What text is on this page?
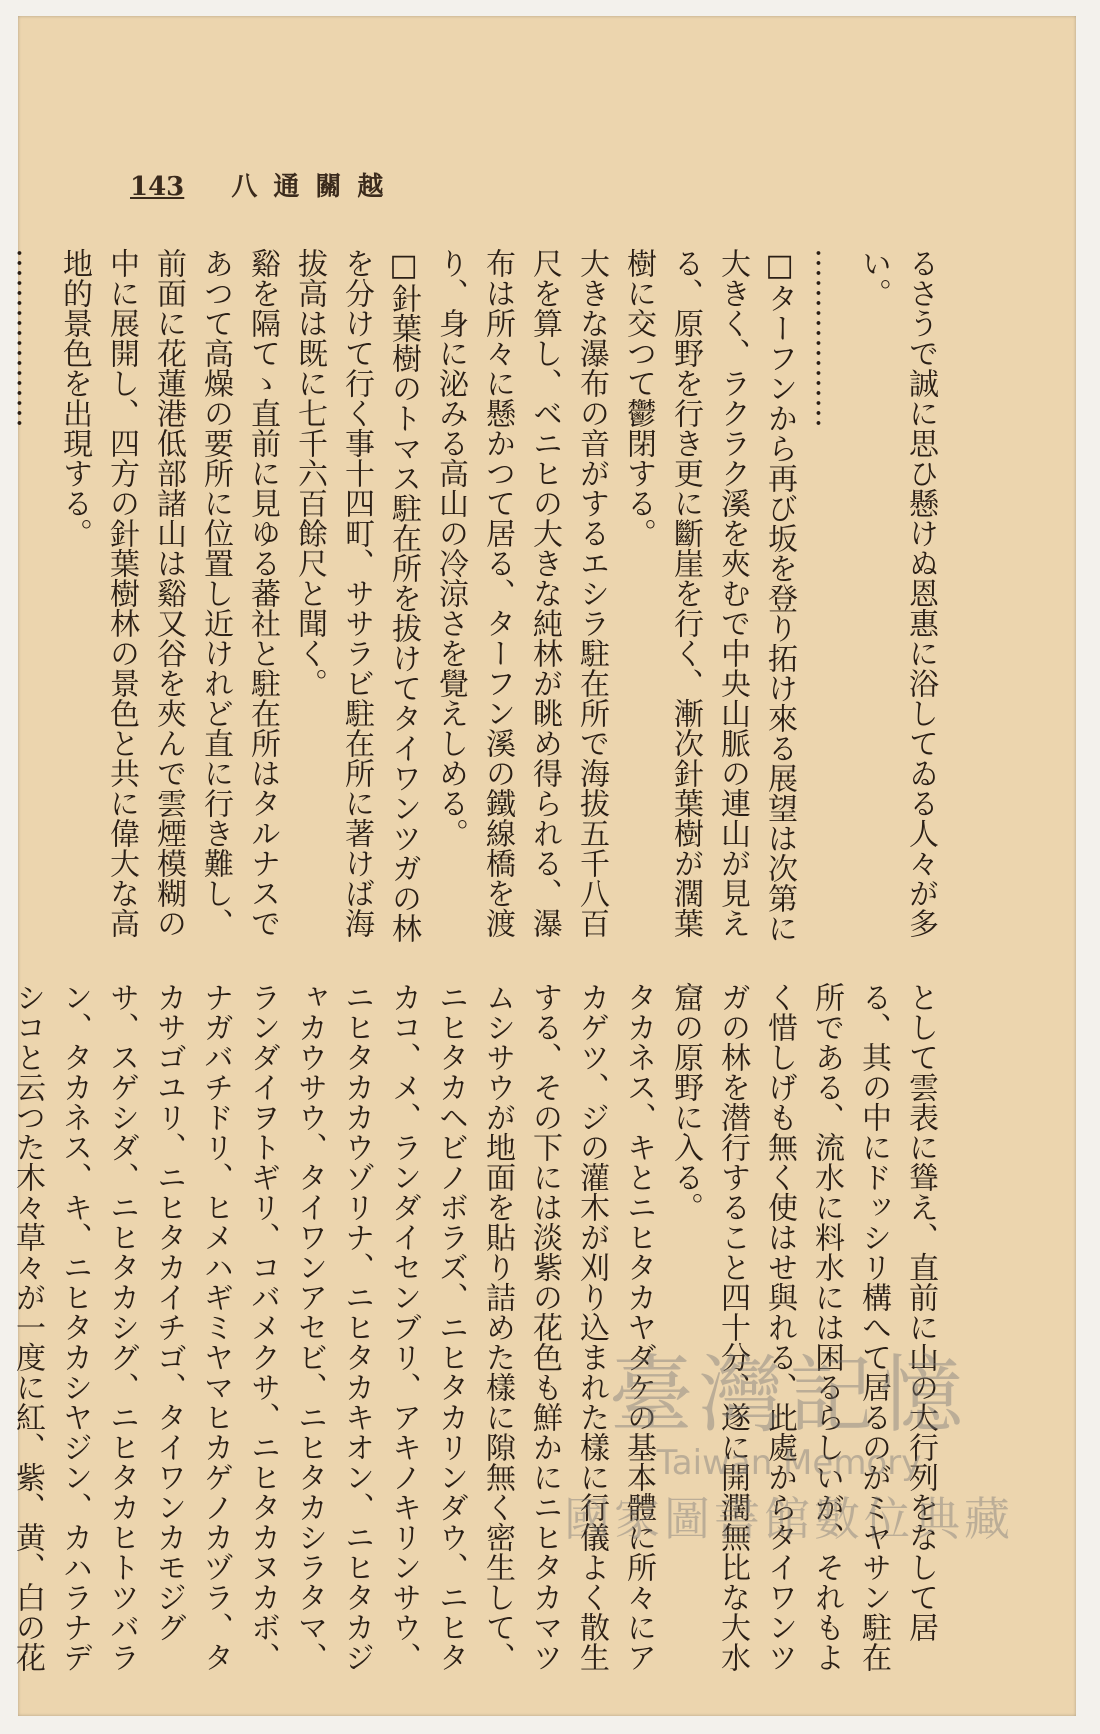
143 八通關越

るさうで誠に思ひ懸けぬ恩惠に浴してゐる人々が多い。

………………

□ターフンから再び坂を登り拓け來る展望は次第に大きく、ラクラク溪を夾むで中央山脈の連山が見える、原野を行き更に斷崖を行く、漸次針葉樹が濶葉樹に交つて鬱閉する。

大きな瀑布の音がするエシラ駐在所で海拔五千八百尺を算し、ベニヒの大きな純林が眺め得られる、瀑布は所々に懸かつて居る、ターフン溪の鐵線橋を渡り、身に泌みる高山の冷涼さを覺えしめる。

□針葉樹のトマス駐在所を拔けてタイワンツガの林を分けて行く事十四町、ササラビ駐在所に著けば海拔高は既に七千六百餘尺と聞く。

谿を隔てゝ直前に見ゆる蕃社と駐在所はタルナスであつて高燥の要所に位置し近けれど直に行き難し、前面に花蓮港低部諸山は谿又谷を夾んで雲煙模糊の中に展開し、四方の針葉樹林の景色と共に偉大な高地的景色を出現する。

………………

として雲表に聳え、直前に山の大行列をなして居る、其の中にドッシリ構へて居るのがミヤサン駐在所である、流水に料水には困るらしいが、それもよく惜しげも無く使はせ與れる、此處からタイワンツガの林を潜行すること四十分、遂に開濶無比な大水窟の原野に入る。

タカネス、キとニヒタカヤダケの基本體に所々にアカゲツ、ジの灌木が刈り込まれた樣に行儀よく散生する、その下には淡紫の花色も鮮かにニヒタカマツムシサウが地面を貼り詰めた樣に隙無く密生して、ニヒタカヘビノボラズ、ニヒタカリンダウ、ニヒタカコ、メ、ランダイセンブリ、アキノキリンサウ、ニヒタカカウゾリナ、ニヒタカキオン、ニヒタカジャカウサウ、タイワンアセビ、ニヒタカシラタマ、ランダイヲトギリ、コバメクサ、ニヒタカヌカボ、ナガバチドリ、ヒメハギミヤマヒカゲノカヅラ、タカサゴユリ、ニヒタカイチゴ、タイワンカモジグサ、スゲシダ、ニヒタカシグ、ニヒタカヒトツバラン、タカネス、キ、ニヒタカシヤジン、カハラナデシコと云つた木々草々が一度に紅、紫、黄、白の花

臺灣記憶
Taiwan Memory
國家圖書館數位典藏
